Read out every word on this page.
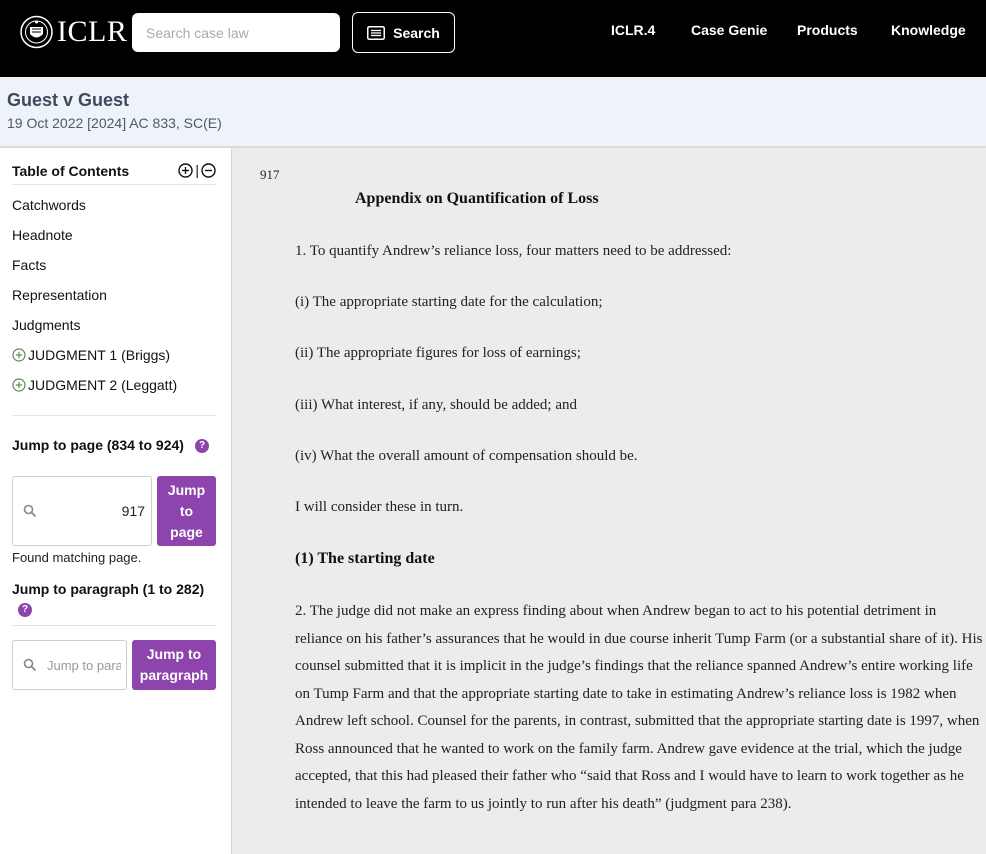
ICLR
Search case law	Search	ICLR.4	Case Genie Products Knowledge
Guest v Guest
19 Oct 2022 [2024] AC 833, SC(E)
Table of Contents	|
Catchwords
Headnote
Facts
Representation
Judgments
JUDGMENT 1 (Briggs)
JUDGMENT 2 (Leggatt)
Jump to page (834 to 924)	?
917
Jump to page
Found matching page.
Jump to paragraph (1 to 282)
?
Jump to paragraph
Jump to paragraph
917
Appendix on Quantification of Loss
1. To quantify Andrew’s reliance loss, four matters need to be addressed:
(i) The appropriate starting date for the calculation;
(ii) The appropriate figures for loss of earnings;
(iii) What interest, if any, should be added; and
(iv) What the overall amount of compensation should be.
I will consider these in turn.
(1) The starting date
2. The judge did not make an express finding about when Andrew began to act to his potential detriment in reliance on his father’s assurances that he would in due course inherit Tump Farm (or a substantial share of it). His counsel submitted that it is implicit in the judge’s findings that the reliance spanned Andrew’s entire working life on Tump Farm and that the appropriate starting date to take in estimating Andrew’s reliance loss is 1982 when Andrew left school. Counsel for the parents, in contrast, submitted that the appropriate starting date is 1997, when Ross announced that he wanted to work on the family farm. Andrew gave evidence at the trial, which the judge accepted, that this had pleased their father who “said that Ross and I would have to learn to work together as he intended to leave the farm to us jointly to run after his death” (judgment para 238).
